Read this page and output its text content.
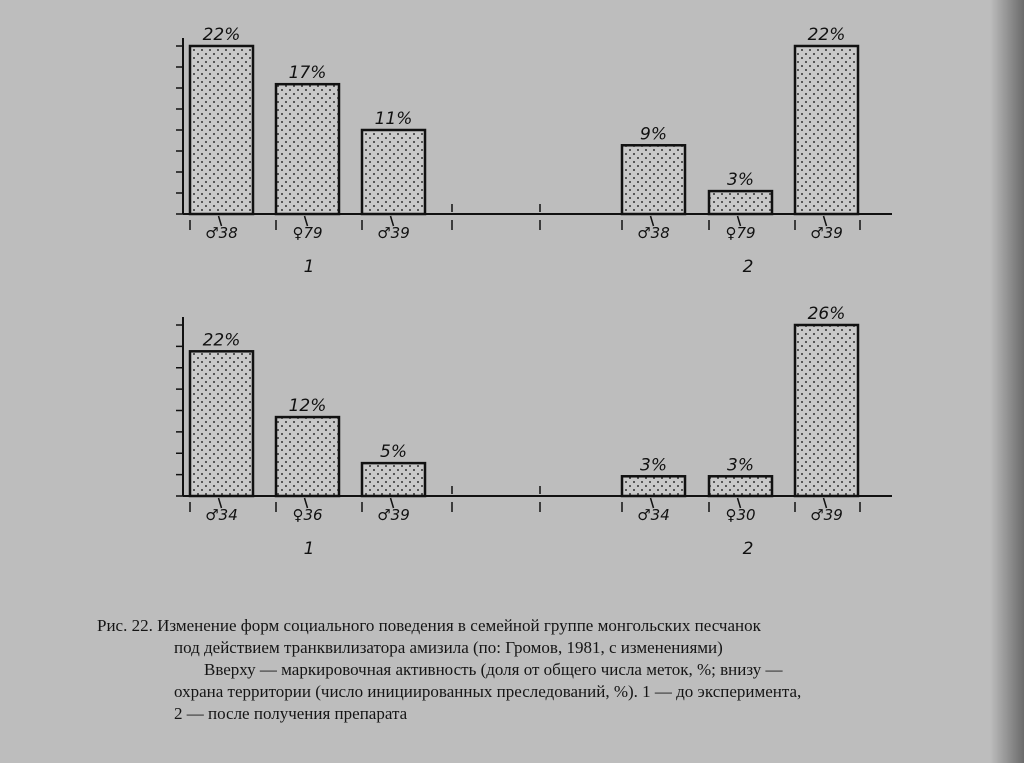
22%
♂38
17%
♀79
11%
♂39
1
9%
♂38
3%
♀79
22%
♂39
2
22%
♂34
12%
♀36
5%
♂39
1
3%
♂34
3%
♀30
26%
♂39
2

Рис. 22. Изменение форм социального поведения в семейной группе монгольских песчанок

под действием транквилизатора амизила (по: Громов, 1981, с изменениями)

Вверху — маркировочная активность (доля от общего числа меток, %; внизу —

охрана территории (число инициированных преследований, %). 1 — до эксперимента,

2 — после получения препарата
